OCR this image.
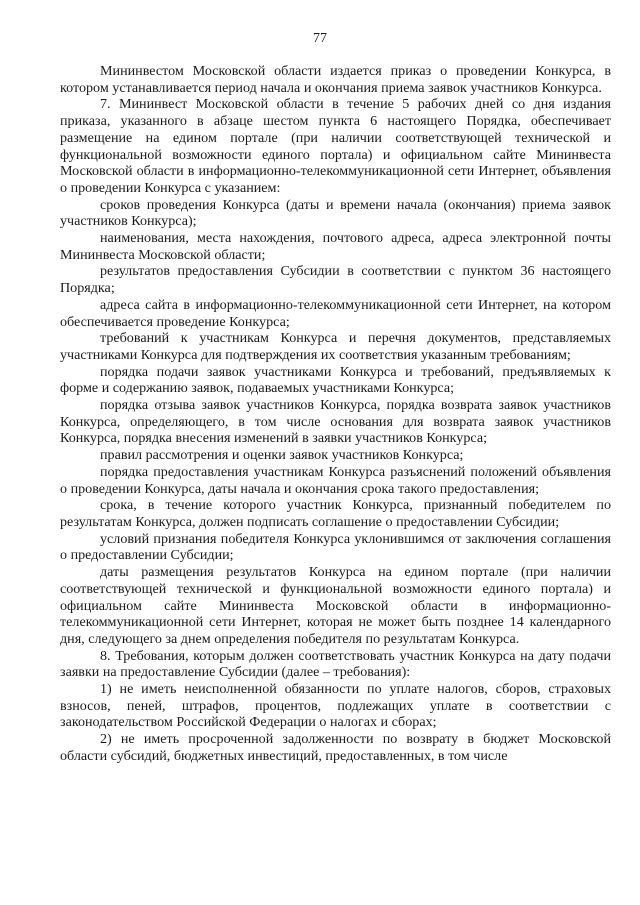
77

Мининвестом Московской области издается приказ о проведении Конкурса, в котором устанавливается период начала и окончания приема заявок участников Конкурса.

7. Мининвест Московской области в течение 5 рабочих дней со дня издания приказа, указанного в абзаце шестом пункта 6 настоящего Порядка, обеспечивает размещение на едином портале (при наличии соответствующей технической и функциональной возможности единого портала) и официальном сайте Мининвеста Московской области в информационно-телекоммуникационной сети Интернет, объявления о проведении Конкурса с указанием:

сроков проведения Конкурса (даты и времени начала (окончания) приема заявок участников Конкурса);

наименования, места нахождения, почтового адреса, адреса электронной почты Мининвеста Московской области;

результатов предоставления Субсидии в соответствии с пунктом 36 настоящего Порядка;

адреса сайта в информационно-телекоммуникационной сети Интернет, на котором обеспечивается проведение Конкурса;

требований к участникам Конкурса и перечня документов, представляемых участниками Конкурса для подтверждения их соответствия указанным требованиям;

порядка подачи заявок участниками Конкурса и требований, предъявляемых к форме и содержанию заявок, подаваемых участниками Конкурса;

порядка отзыва заявок участников Конкурса, порядка возврата заявок участников Конкурса, определяющего, в том числе основания для возврата заявок участников Конкурса, порядка внесения изменений в заявки участников Конкурса;

правил рассмотрения и оценки заявок участников Конкурса;

порядка предоставления участникам Конкурса разъяснений положений объявления о проведении Конкурса, даты начала и окончания срока такого предоставления;

срока, в течение которого участник Конкурса, признанный победителем по результатам Конкурса, должен подписать соглашение о предоставлении Субсидии;

условий признания победителя Конкурса уклонившимся от заключения соглашения о предоставлении Субсидии;

даты размещения результатов Конкурса на едином портале (при наличии соответствующей технической и функциональной возможности единого портала) и официальном сайте Мининвеста Московской области в информационно-телекоммуникационной сети Интернет, которая не может быть позднее 14 календарного дня, следующего за днем определения победителя по результатам Конкурса.

8. Требования, которым должен соответствовать участник Конкурса на дату подачи заявки на предоставление Субсидии (далее – требования):

1) не иметь неисполненной обязанности по уплате налогов, сборов, страховых взносов, пеней, штрафов, процентов, подлежащих уплате в соответствии с законодательством Российской Федерации о налогах и сборах;

2) не иметь просроченной задолженности по возврату в бюджет Московской области субсидий, бюджетных инвестиций, предоставленных, в том числе
